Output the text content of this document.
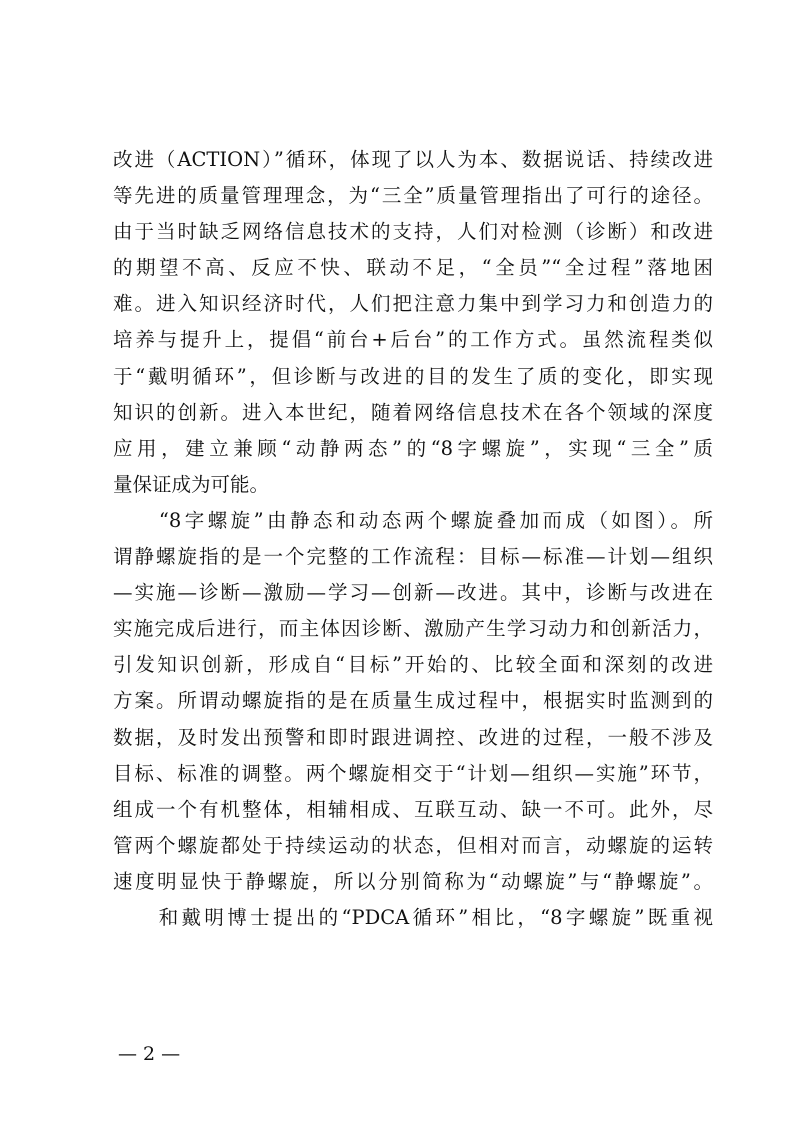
改进（ACTION）”循环，体现了以人为本、数据说话、持续改进
等先进的质量管理理念，为“三全”质量管理指出了可行的途径。
由于当时缺乏网络信息技术的支持，人们对检测（诊断）和改进
的期望不高、反应不快、联动不足，“全员”“全过程”落地困
难。进入知识经济时代，人们把注意力集中到学习力和创造力的
培养与提升上，提倡“前台+后台”的工作方式。虽然流程类似
于“戴明循环”，但诊断与改进的目的发生了质的变化，即实现
知识的创新。进入本世纪，随着网络信息技术在各个领域的深度
应用，建立兼顾“动静两态”的“8字螺旋”，实现“三全”质
量保证成为可能。
　　“8字螺旋”由静态和动态两个螺旋叠加而成（如图）。所
谓静螺旋指的是一个完整的工作流程：目标—标准—计划—组织
—实施—诊断—激励—学习—创新—改进。其中，诊断与改进在
实施完成后进行，而主体因诊断、激励产生学习动力和创新活力，
引发知识创新，形成自“目标”开始的、比较全面和深刻的改进
方案。所谓动螺旋指的是在质量生成过程中，根据实时监测到的
数据，及时发出预警和即时跟进调控、改进的过程，一般不涉及
目标、标准的调整。两个螺旋相交于“计划—组织—实施”环节，
组成一个有机整体，相辅相成、互联互动、缺一不可。此外，尽
管两个螺旋都处于持续运动的状态，但相对而言，动螺旋的运转
速度明显快于静螺旋，所以分别简称为“动螺旋”与“静螺旋”。
　　和戴明博士提出的“PDCA循环”相比，“8字螺旋”既重视
— 2 —
